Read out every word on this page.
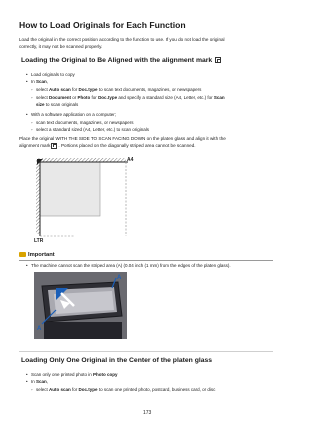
How to Load Originals for Each Function
Load the original in the correct position according to the function to use. If you do not load the original
correctly, it may not be scanned properly.
Loading the Original to Be Aligned with the alignment mark
• Load originals to copy
• In Scan,
◦ select Auto scan for Doc.type to scan text documents, magazines, or newspapers
◦ select Document or Photo for Doc.type and specify a standard size (A4, Letter, etc.) for Scan
size to scan originals
• With a software application on a computer;
◦ scan text documents, magazines, or newspapers
◦ select a standard sized (A4, Letter, etc.) to scan originals
Place the original WITH THE SIDE TO SCAN FACING DOWN on the platen glass and align it with the
alignment mark . Portions placed on the diagonally striped area cannot be scanned.
A4
LTR
Important
• The machine cannot scan the striped area (A) (0.04 inch (1 mm) from the edges of the platen glass).
A
A
Loading Only One Original in the Center of the platen glass
• Scan only one printed photo in Photo copy
• In Scan,
◦ select Auto scan for Doc.type to scan one printed photo, postcard, business card, or disc
173
